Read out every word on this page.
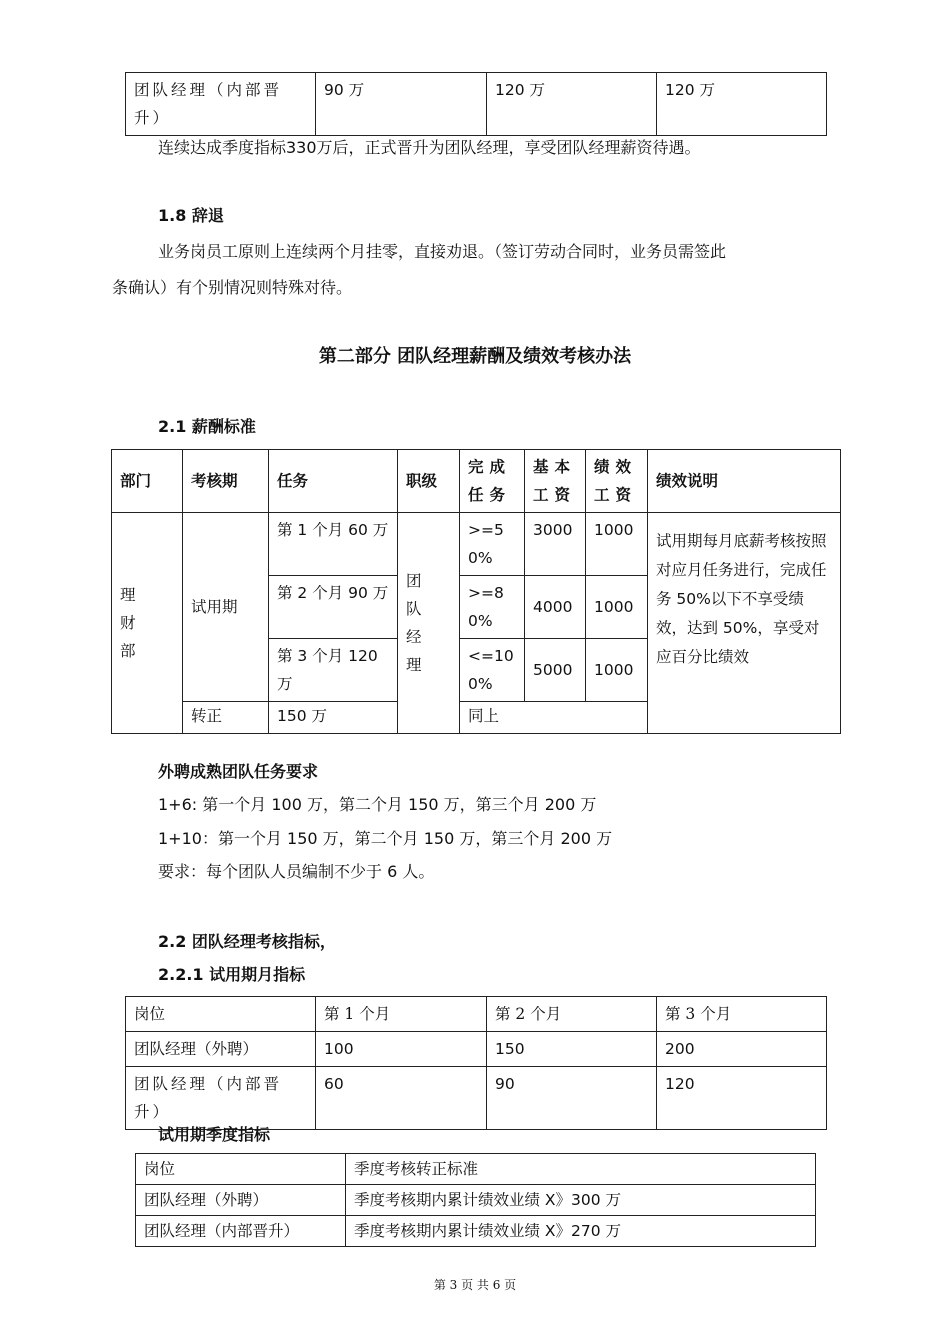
团队经理（内部晋升）	90 万	120 万	120 万
连续达成季度指标330万后，正式晋升为团队经理，享受团队经理薪资待遇。
1.8 辞退
业务岗员工原则上连续两个月挂零，直接劝退。（签订劳动合同时，业务员需签此
条确认）有个别情况则特殊对待。
第二部分 团队经理薪酬及绩效考核办法
2.1 薪酬标准
部门	考核期	任务	职级	完成任务	基本工资	绩效工资	绩效说明
理财部	试用期	第 1 个月 60 万	团队经理	>=50%	3000	1000	试用期每月底薪考核按照对应月任务进行，完成任务 50%以下不享受绩效，达到 50%，享受对应百分比绩效
		第 2 个月 90 万		>=80%	4000	1000	
		第 3 个月 120 万		<=100%	5000	1000	
	转正	150 万		同上			
外聘成熟团队任务要求
1+6: 第一个月 100 万，第二个月 150 万，第三个月 200 万
1+10：第一个月 150 万，第二个月 150 万，第三个月 200 万
要求：每个团队人员编制不少于 6 人。
2.2 团队经理考核指标，
2.2.1 试用期月指标
岗位	第 1 个月	第 2 个月	第 3 个月
团队经理（外聘）	100	150	200
团队经理（内部晋升）	60	90	120
试用期季度指标
岗位	季度考核转正标准
团队经理（外聘）	季度考核期内累计绩效业绩 X》300 万
团队经理（内部晋升）	季度考核期内累计绩效业绩 X》270 万
第 3 页 共 6 页
